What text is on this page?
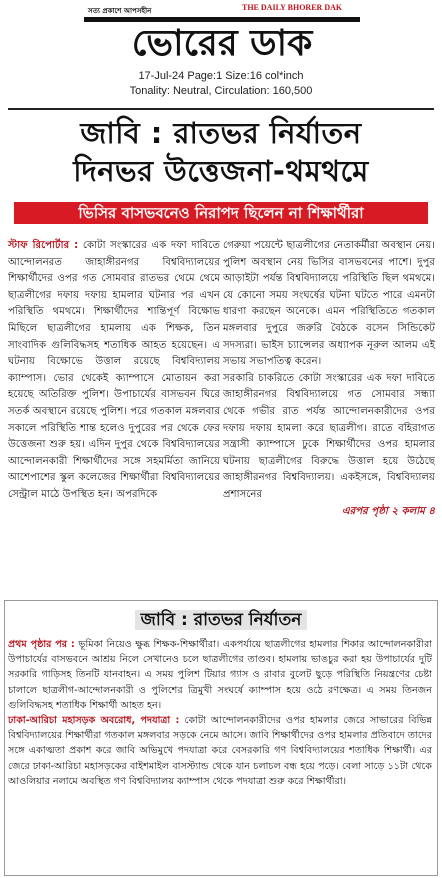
সত্য প্রকাশে আপসহীন	THE DAILY BHORER DAK
ভোরের ডাক
17-Jul-24 Page:1 Size:16 col*inch
Tonality: Neutral, Circulation: 160,500
জাবি : রাতভর নির্যাতন
দিনভর উত্তেজনা-থমথমে
ভিসির বাসভবনেও নিরাপদ ছিলেন না শিক্ষার্থীরা

স্টাফ রিপোর্টার : কোটা সংস্কারের এক দফা দাবিতে আন্দোলনরত জাহাঙ্গীরনগর বিশ্ববিদ্যালয়ের শিক্ষার্থীদের ওপর গত সোমবার রাতভর থেমে থেমে ছাত্রলীগের দফায় দফায় হামলার ঘটনার পর এখন পরিস্থিতি থমথমে। শিক্ষার্থীদের শান্তিপূর্ণ বিক্ষোভ মিছিলে ছাত্রলীগের হামলায় এক শিক্ষক, তিন সাংবাদিক গুলিবিদ্ধসহ শতাধিক আহত হয়েছেন। এ ঘটনায় বিক্ষোভে উত্তাল রয়েছে বিশ্ববিদ্যালয় ক্যাম্পাস। ভোর থেকেই ক্যাম্পাসে মোতায়ন করা হয়েছে অতিরিক্ত পুলিশ। উপাচার্যের বাসভবন ঘিরে সতর্ক অবস্থানে রয়েছে পুলিশ। পরে গতকাল মঙ্গলবার সকালে পরিস্থিতি শান্ত হলেও দুপুরের পর থেকে ফের উত্তেজনা শুরু হয়। এদিন দুপুর থেকে বিশ্ববিদ্যালয়ের আন্দোলনকারী শিক্ষার্থীদের সঙ্গে সহমর্মিতা জানিয়ে আশেপাশের স্কুল কলেজের শিক্ষার্থীরা বিশ্ববিদ্যালয়ের সেন্ট্রাল মাঠে উপস্থিত হন। অপরদিকে

গেরুয়া পয়েন্টে ছাত্রলীগের নেতাকর্মীরা অবস্থান নেয়। পুলিশ অবস্থান নেয় ভিসির বাসভবনের পাশে। দুপুর আড়াইটা পর্যন্ত বিশ্ববিদ্যালয়ে পরিস্থিতি ছিল থমথমে। যে কোনো সময় সংঘর্ষের ঘটনা ঘটতে পারে এমনটা ধারণা করছেন অনেকে। এমন পরিস্থিতিতে গতকাল মঙ্গলবার দুপুরে জরুরি বৈঠকে বসেন সিন্ডিকেট সদস্যরা। ভাইস চ্যান্সেলর অধ্যাপক নূরুল আলম এই সভায় সভাপতিত্ব করেন।

সরকারি চাকরিতে কোটা সংস্কারের এক দফা দাবিতে জাহাঙ্গীরনগর বিশ্ববিদ্যালয়ে গত সোমবার সন্ধ্যা থেকে গভীর রাত পর্যন্ত আন্দোলনকারীদের ওপর দফায় দফায় হামলা করে ছাত্রলীগ। রাতে বহিরাগত সন্ত্রাসী ক্যাম্পাসে ঢুকে শিক্ষার্থীদের ওপর হামলার ঘটনায় ছাত্রলীগের বিরুদ্ধে উত্তাল হয়ে উঠেছে জাহাঙ্গীরনগর বিশ্ববিদ্যালয়। একইসঙ্গে, বিশ্ববিদ্যালয় প্রশাসনের

এরপর পৃষ্ঠা ২ কলাম ৪

জাবি : রাতভর নির্যাতন

প্রথম পৃষ্ঠার পর : ভূমিকা নিয়েও ক্ষুব্ধ শিক্ষক-শিক্ষার্থীরা। একপর্যায়ে ছাত্রলীগের হামলার শিকার আন্দোলনকারীরা উপাচার্যের বাসভবনে আশ্রয় নিলে সেখানেও চলে ছাত্রলীগের তাণ্ডব। হামলায় ভাঙচুর করা হয় উপাচার্যের দুটি সরকারি গাড়িসহ তিনটি যানবাহন। এ সময় পুলিশ টিয়ার গ্যাস ও রাবার বুলেট ছুড়ে পরিস্থিতি নিয়ন্ত্রণের চেষ্টা চালালে ছাত্রলীগ-আন্দোলনকারী ও পুলিশের ত্রিমুখী সংঘর্ষে ক্যাম্পাস হয়ে ওঠে রণক্ষেত্র। এ সময় তিনজন গুলিবিদ্ধসহ শতাধিক শিক্ষার্থী আহত হন।

ঢাকা-আরিচা মহাসড়ক অবরোধ, পদযাত্রা : কোটা আন্দোলনকারীদের ওপর হামলার জেরে সাভারের বিভিন্ন বিশ্ববিদ্যালয়ের শিক্ষার্থীরা গতকাল মঙ্গলবার সড়কে নেমে আসে। জাবি শিক্ষার্থীদের ওপর হামলার প্রতিবাদে তাদের সঙ্গে একাত্মতা প্রকাশ করে জাবি অভিমুখে পদযাত্রা করে বেসরকারি গণ বিশ্ববিদ্যালয়ের শতাধিক শিক্ষার্থী। এর জেরে ঢাকা-আরিচা মহাসড়কের বাইশমাইল বাসস্ট্যান্ড থেকে যান চলাচল বন্ধ হয়ে পড়ে। বেলা সাড়ে ১১টা থেকে আওলিয়ার নলামে অবস্থিত গণ বিশ্ববিদ্যালয় ক্যাম্পাস থেকে পদযাত্রা শুরু করে শিক্ষার্থীরা।
